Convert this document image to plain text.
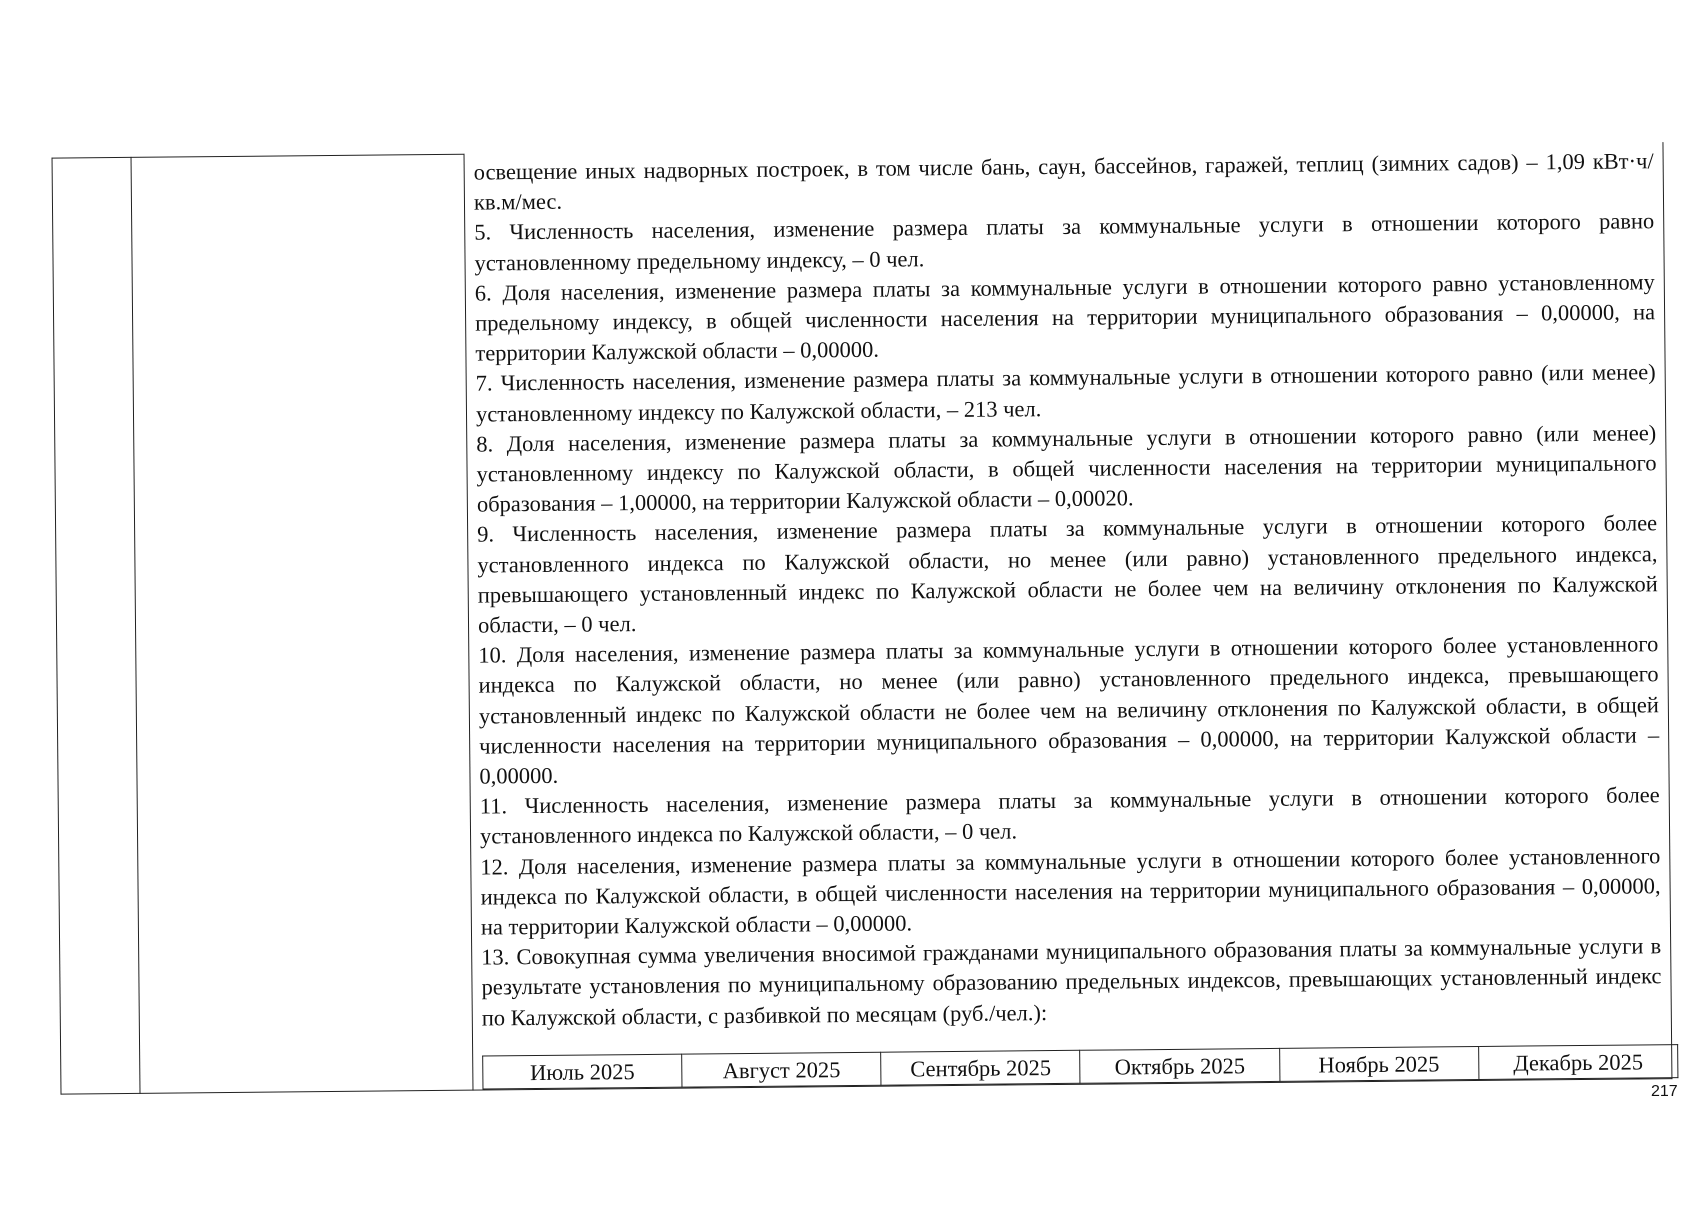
освещение иных надворных построек, в том числе бань, саун, бассейнов, гаражей, теплиц (зимних садов) – 1,09 кВт·ч/кв.м/мес.

5. Численность населения, изменение размера платы за коммунальные услуги в отношении которого равно установленному предельному индексу, – 0 чел.

6. Доля населения, изменение размера платы за коммунальные услуги в отношении которого равно установленному предельному индексу, в общей численности населения на территории муниципального образования – 0,00000, на территории Калужской области – 0,00000.

7. Численность населения, изменение размера платы за коммунальные услуги в отношении которого равно (или менее) установленному индексу по Калужской области, – 213 чел.

8. Доля населения, изменение размера платы за коммунальные услуги в отношении которого равно (или менее) установленному индексу по Калужской области, в общей численности населения на территории муниципального образования – 1,00000, на территории Калужской области – 0,00020.

9. Численность населения, изменение размера платы за коммунальные услуги в отношении которого более установленного индекса по Калужской области, но менее (или равно) установленного предельного индекса, превышающего установленный индекс по Калужской области не более чем на величину отклонения по Калужской области, – 0 чел.

10. Доля населения, изменение размера платы за коммунальные услуги в отношении которого более установленного индекса по Калужской области, но менее (или равно) установленного предельного индекса, превышающего установленный индекс по Калужской области не более чем на величину отклонения по Калужской области, в общей численности населения на территории муниципального образования – 0,00000, на территории Калужской области – 0,00000.

11. Численность населения, изменение размера платы за коммунальные услуги в отношении которого более установленного индекса по Калужской области, – 0 чел.

12. Доля населения, изменение размера платы за коммунальные услуги в отношении которого более установленного индекса по Калужской области, в общей численности населения на территории муниципального образования – 0,00000, на территории Калужской области – 0,00000.

13. Совокупная сумма увеличения вносимой гражданами муниципального образования платы за коммунальные услуги в результате установления по муниципальному образованию предельных индексов, превышающих установленный индекс по Калужской области, с разбивкой по месяцам (руб./чел.):

Июль 2025	Август 2025	Сентябрь 2025	Октябрь 2025	Ноябрь 2025	Декабрь 2025
217
